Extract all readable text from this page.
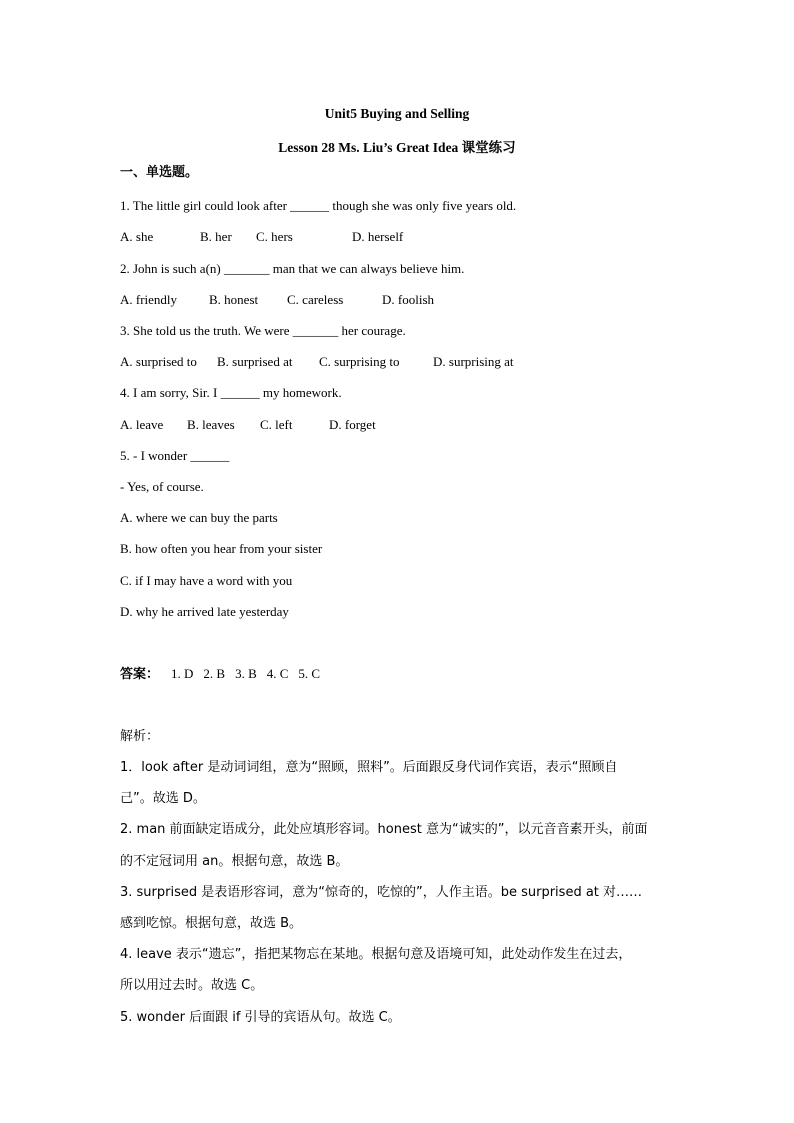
Unit5 Buying and Selling
Lesson 28 Ms. Liu’s Great Idea 课堂练习
一、单选题。
1. The little girl could look after ______ though she was only five years old.
A. she	B. her C. hers	D. herself
2. John is such a(n) _______ man that we can always believe him.
A. friendly B. honest C. careless	D. foolish
3. She told us the truth. We were _______ her courage.
A. surprised to B. surprised at C. surprising to	D. surprising at
4. I am sorry, Sir. I ______ my homework.
A. leave B. leaves C. left	D. forget
5. - I wonder ______
- Yes, of course.
A. where we can buy the parts
B. how often you hear from your sister
C. if I may have a word with you
D. why he arrived late yesterday
答案： 1. D 2. B 3. B 4. C 5. C
解析：
1．look after 是动词词组，意为“照顾，照料”。后面跟反身代词作宾语，表示“照顾自
己”。故选 D。
2. man 前面缺定语成分，此处应填形容词。honest 意为“诚实的”，以元音音素开头，前面
的不定冠词用 an。根据句意，故选 B。
3. surprised 是表语形容词，意为“惊奇的，吃惊的”，人作主语。be surprised at 对……
感到吃惊。根据句意，故选 B。
4. leave 表示“遗忘”，指把某物忘在某地。根据句意及语境可知，此处动作发生在过去，
所以用过去时。故选 C。
5. wonder 后面跟 if 引导的宾语从句。故选 C。
